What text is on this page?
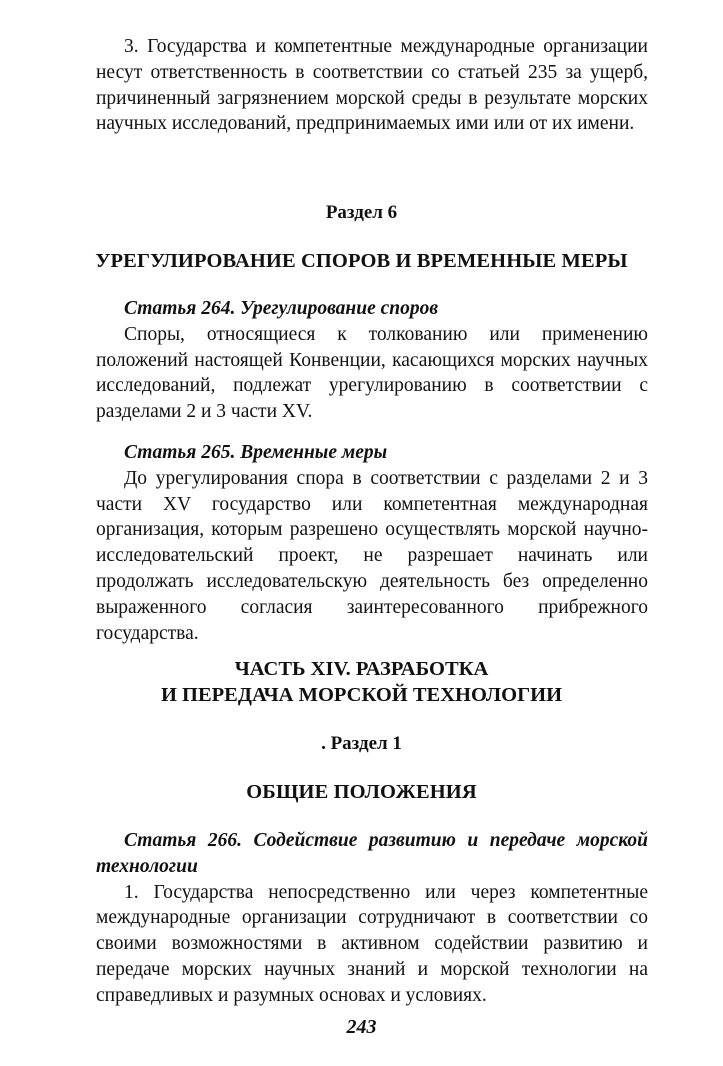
3. Государства и компетентные международные организации несут ответственность в соответствии со статьей 235 за ущерб, причиненный загрязнением морской среды в результате морских научных исследований, предпринимаемых ими или от их имени.

Раздел 6

УРЕГУЛИРОВАНИЕ СПОРОВ И ВРЕМЕННЫЕ МЕРЫ

Статья 264. Урегулирование споров

Споры, относящиеся к толкованию или применению положений настоящей Конвенции, касающихся морских научных исследований, подлежат урегулированию в соответствии с разделами 2 и 3 части XV.

Статья 265. Временные меры

До урегулирования спора в соответствии с разделами 2 и 3 части XV государство или компетентная международная организация, которым разрешено осуществлять морской научно-исследовательский проект, не разрешает начинать или продолжать исследовательскую деятельность без определенно выраженного согласия заинтересованного прибрежного государства.

ЧАСТЬ XIV. РАЗРАБОТКА
И ПЕРЕДАЧА МОРСКОЙ ТЕХНОЛОГИИ

. Раздел 1

ОБЩИЕ ПОЛОЖЕНИЯ

Статья 266. Содействие развитию и передаче морской технологии

1. Государства непосредственно или через компетентные международные организации сотрудничают в соответствии со своими возможностями в активном содействии развитию и передаче морских научных знаний и морской технологии на справедливых и разумных основах и условиях.

243
